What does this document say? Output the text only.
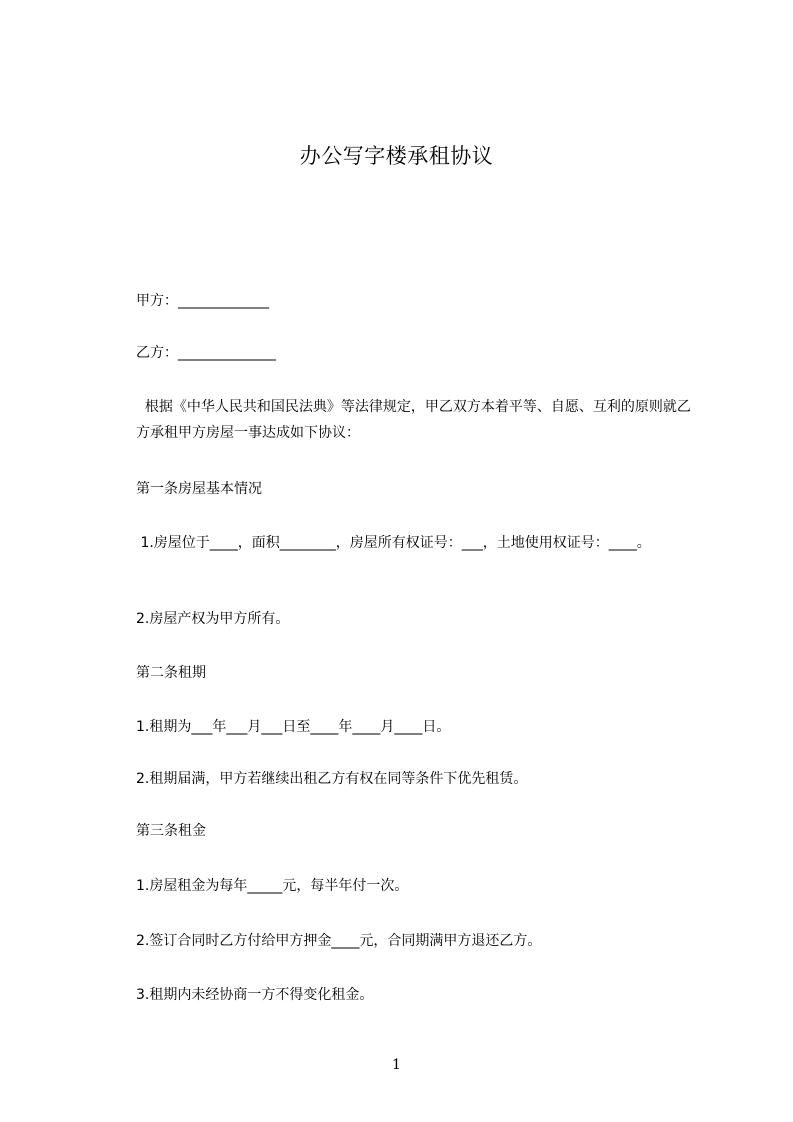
办公写字楼承租协议
甲方：_____________
乙方：______________
根据《中华人民共和国民法典》等法律规定，甲乙双方本着平等、自愿、互利的原则就乙方承租甲方房屋一事达成如下协议：
第一条房屋基本情况
1.房屋位于____，面积________，房屋所有权证号：___，土地使用权证号：____。
2.房屋产权为甲方所有。
第二条租期
1.租期为___年___月___日至____年____月____日。
2.租期届满，甲方若继续出租乙方有权在同等条件下优先租赁。
第三条租金
1.房屋租金为每年_____元，每半年付一次。
2.签订合同时乙方付给甲方押金____元，合同期满甲方退还乙方。
3.租期内未经协商一方不得变化租金。
1
